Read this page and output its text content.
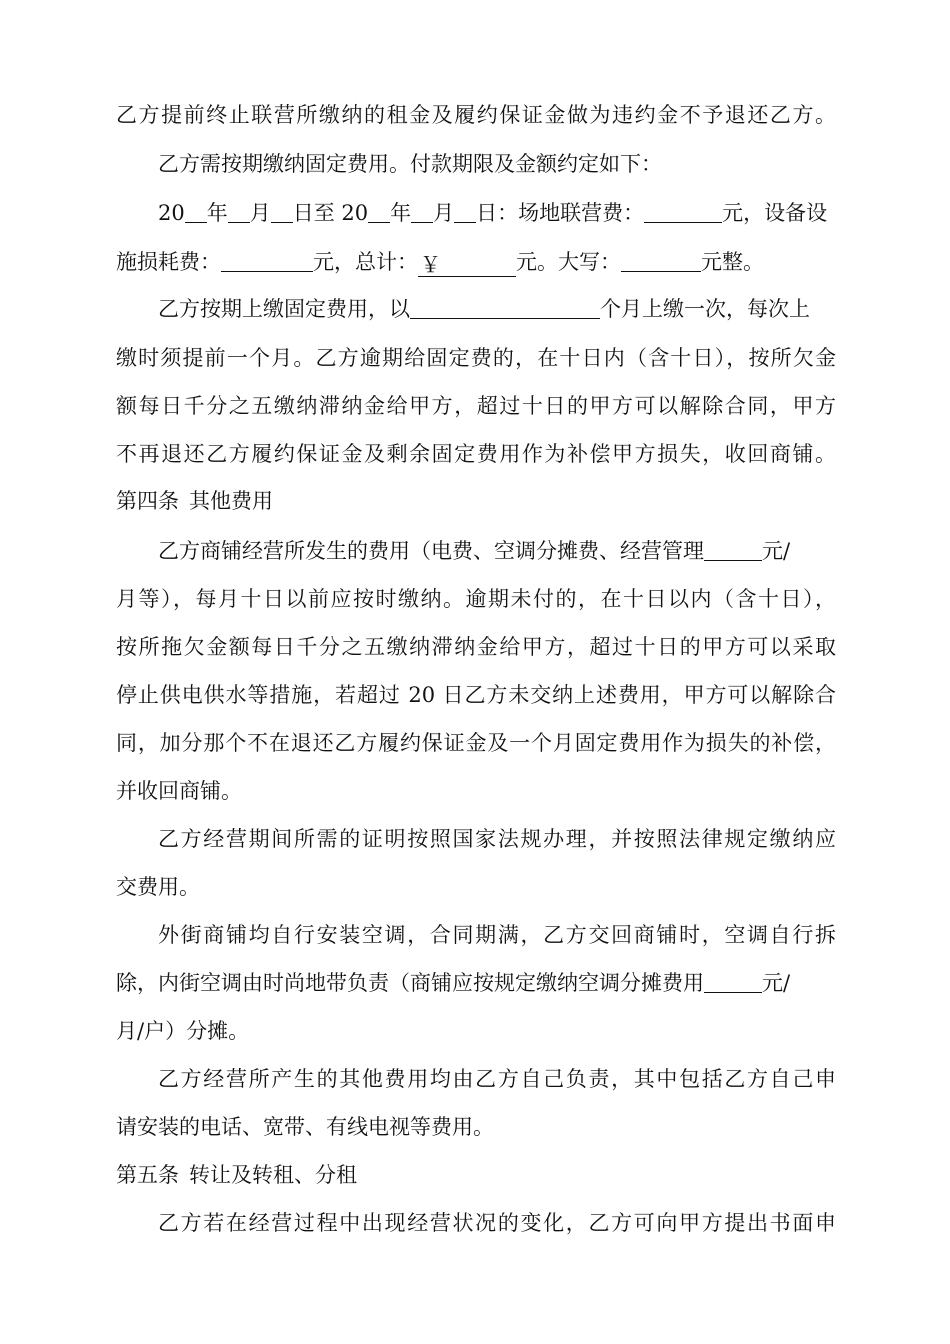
乙方提前终止联营所缴纳的租金及履约保证金做为违约金不予退还乙方。
乙方需按期缴纳固定费用。付款期限及金额约定如下：
20 年 月 日至 20 年 月 日：场地联营费：	元，设备设
施损耗费：	元，总计：￥	元。大写：	元整。
乙方按期上缴固定费用，以	个月上缴一次，每次上
缴时须提前一个月。乙方逾期给固定费的，在十日内（含十日），按所欠金
额每日千分之五缴纳滞纳金给甲方，超过十日的甲方可以解除合同，甲方
不再退还乙方履约保证金及剩余固定费用作为补偿甲方损失，收回商铺。
第四条 其他费用
乙方商铺经营所发生的费用（电费、空调分摊费、经营管理	元/
月等），每月十日以前应按时缴纳。逾期未付的，在十日以内（含十日），
按所拖欠金额每日千分之五缴纳滞纳金给甲方，超过十日的甲方可以采取
停止供电供水等措施，若超过 20 日乙方未交纳上述费用，甲方可以解除合
同，加分那个不在退还乙方履约保证金及一个月固定费用作为损失的补偿，
并收回商铺。
乙方经营期间所需的证明按照国家法规办理，并按照法律规定缴纳应
交费用。
外街商铺均自行安装空调，合同期满，乙方交回商铺时，空调自行拆
除，内街空调由时尚地带负责（商铺应按规定缴纳空调分摊费用	元/
月/户）分摊。
乙方经营所产生的其他费用均由乙方自己负责，其中包括乙方自己申
请安装的电话、宽带、有线电视等费用。
第五条 转让及转租、分租
乙方若在经营过程中出现经营状况的变化，乙方可向甲方提出书面申
